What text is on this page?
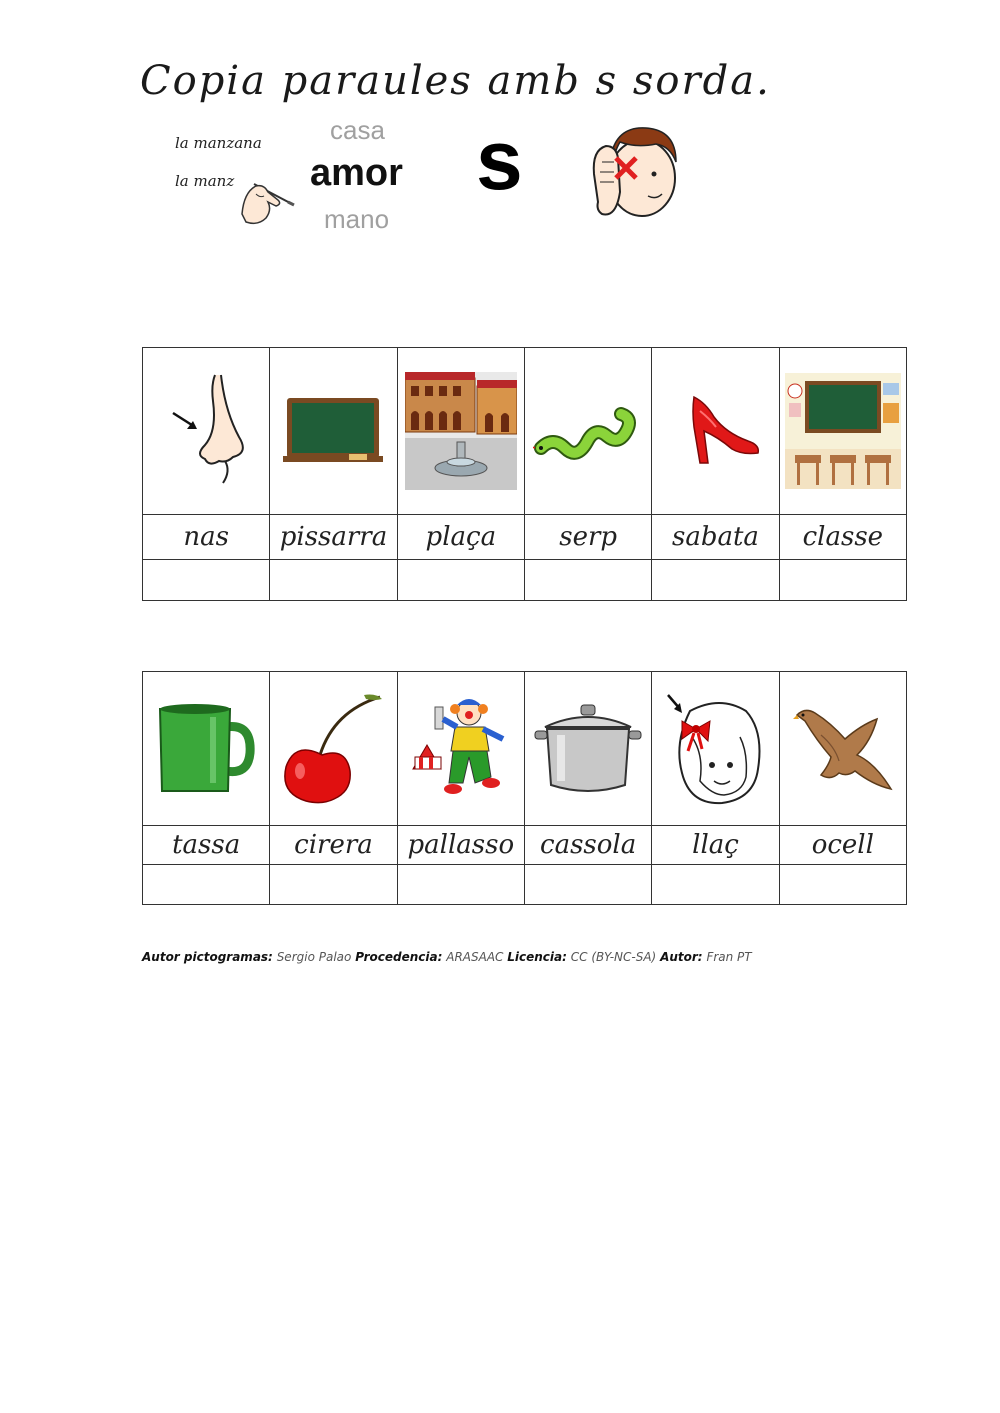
Copia paraules amb s sorda.
la manzana
la manz
casa
amor
mano
s

nas	pissarra	plaça	serp	sabata	classe

tassa	cirera	pallasso	cassola	llaç	ocell

Autor pictogramas: Sergio Palao Procedencia: ARASAAC Licencia: CC (BY-NC-SA) Autor: Fran PT
